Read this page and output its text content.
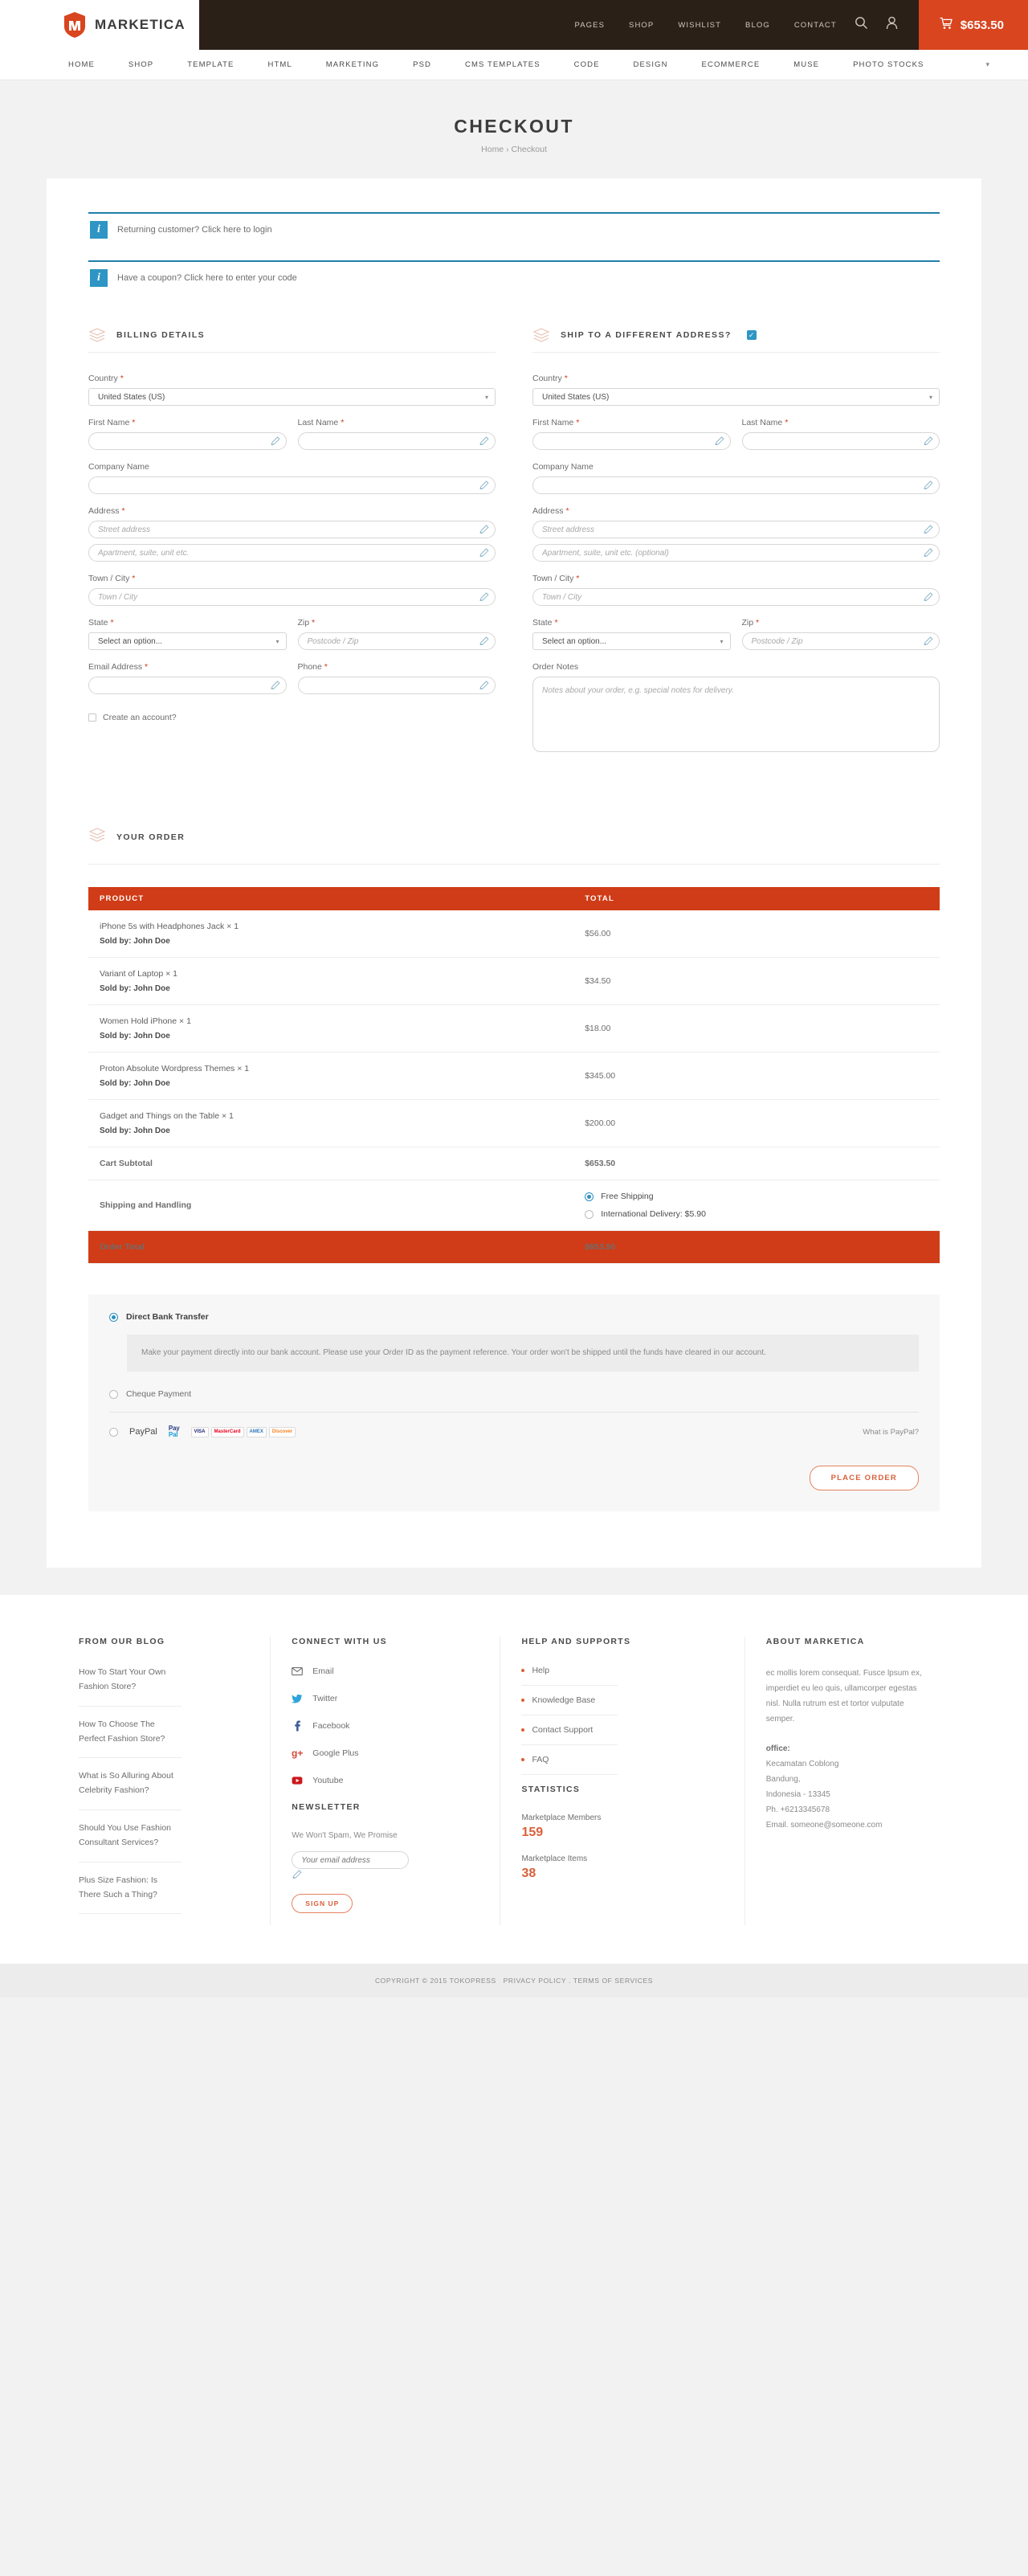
MARKETICA	PAGES	SHOP	WISHLIST	BLOG	CONTACT	$653.50
HOME	SHOP	TEMPLATE	HTML	MARKETING	PSD	CMS TEMPLATES	CODE	DESIGN	ECOMMERCE	MUSE	PHOTO STOCKS	▾
CHECKOUT
Home › Checkout
i	Returning customer? Click here to login
i	Have a coupon? Click here to enter your code
BILLING DETAILS
Country *
United States (US)
▾
First Name *	Last Name *
Company Name
Address *
Street address
Apartment, suite, unit etc.
Town / City *
Town / City
State *
Select an option...
▾
Zip *
Postcode / Zip
Email Address *	Phone *
Create an account?
SHIP TO A DIFFERENT ADDRESS? ✓
Country *
United States (US)
▾
First Name *	Last Name *
Company Name
Address *
Street address
Apartment, suite, unit etc. (optional)
Town / City *
Town / City
State *
Select an option...
▾
Zip *
Postcode / Zip
Order Notes
Notes about your order, e.g. special notes for delivery.
YOUR ORDER
PRODUCT	TOTAL

iPhone 5s with Headphones Jack × 1
Sold by: John Doe	$56.00

Variant of Laptop × 1
Sold by: John Doe	$34.50

Women Hold iPhone × 1
Sold by: John Doe	$18.00

Proton Absolute Wordpress Themes × 1
Sold by: John Doe	$345.00

Gadget and Things on the Table × 1
Sold by: John Doe	$200.00
Cart Subtotal	$653.50
Shipping and Handling	Free Shipping
International Delivery: $5.90

Order Total	$653.50
Direct Bank Transfer
Make your payment directly into our bank account. Please use your Order ID as the payment reference. Your order won't be shipped until the funds have cleared in our account.
Cheque Payment
PayPal Pay
Pal	VISA	MasterCard	AMEX	Discover	What is PayPal?
PLACE ORDER
FROM OUR BLOG
How To Start Your Own Fashion Store?
How To Choose The Perfect Fashion Store?
What is So Alluring About Celebrity Fashion?
Should You Use Fashion Consultant Services?
Plus Size Fashion: Is There Such a Thing?
CONNECT WITH US
Email
Twitter
Facebook
g+ Google Plus
Youtube
NEWSLETTER
We Won't Spam, We Promise
Your email address
SIGN UP
HELP AND SUPPORTS
Help
Knowledge Base
Contact Support
FAQ
STATISTICS
Marketplace Members
159
Marketplace Items
38
ABOUT MARKETICA

ec mollis lorem consequat. Fusce lpsum ex, imperdiet eu leo quis, ullamcorper egestas nisl. Nulla rutrum est et tortor vulputate semper.

office:
Kecamatan Coblong
Bandung,
Indonesia - 13345
Ph. +6213345678
Email. someone@someone.com
COPYRIGHT © 2015 TOKOPRESS PRIVACY POLICY . TERMS OF SERVICES
